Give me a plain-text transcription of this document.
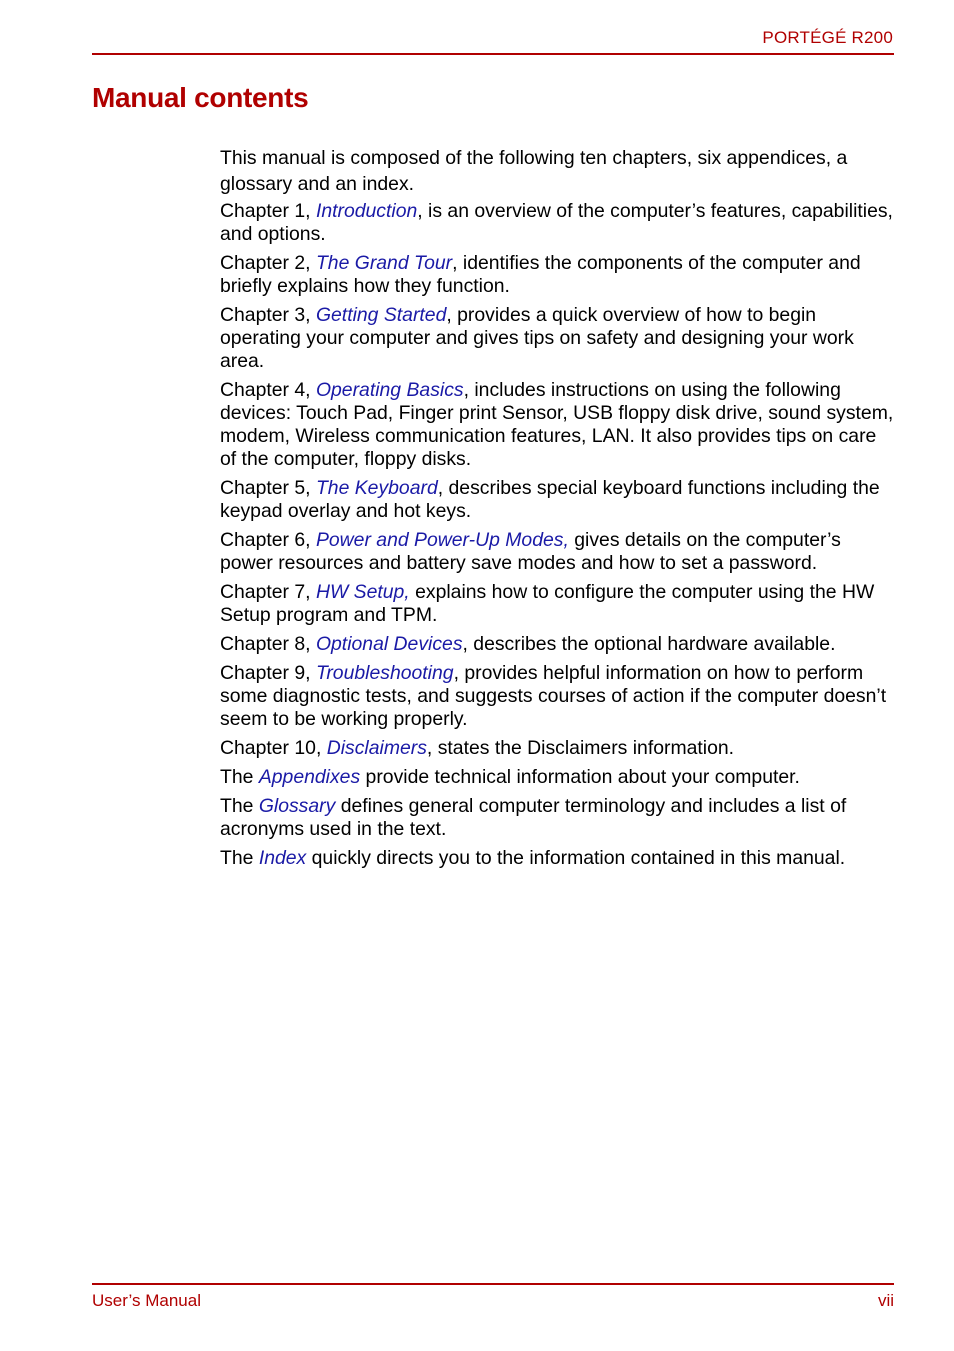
PORTÉGÉ R200
Manual contents

This manual is composed of the following ten chapters, six appendices, a glossary and an index.

Chapter 1, Introduction, is an overview of the computer’s features, capabilities, and options.

Chapter 2, The Grand Tour, identifies the components of the computer and briefly explains how they function.

Chapter 3, Getting Started, provides a quick overview of how to begin operating your computer and gives tips on safety and designing your work area.

Chapter 4, Operating Basics, includes instructions on using the following devices: Touch Pad, Finger print Sensor, USB floppy disk drive, sound system, modem, Wireless communication features, LAN. It also provides tips on care of the computer, floppy disks.

Chapter 5, The Keyboard, describes special keyboard functions including the keypad overlay and hot keys.

Chapter 6, Power and Power-Up Modes, gives details on the computer’s power resources and battery save modes and how to set a password.

Chapter 7, HW Setup, explains how to configure the computer using the HW Setup program and TPM.

Chapter 8, Optional Devices, describes the optional hardware available.

Chapter 9, Troubleshooting, provides helpful information on how to perform some diagnostic tests, and suggests courses of action if the computer doesn’t seem to be working properly.

Chapter 10, Disclaimers, states the Disclaimers information.

The Appendixes provide technical information about your computer.

The Glossary defines general computer terminology and includes a list of acronyms used in the text.

The Index quickly directs you to the information contained in this manual.

User’s Manual	vii
